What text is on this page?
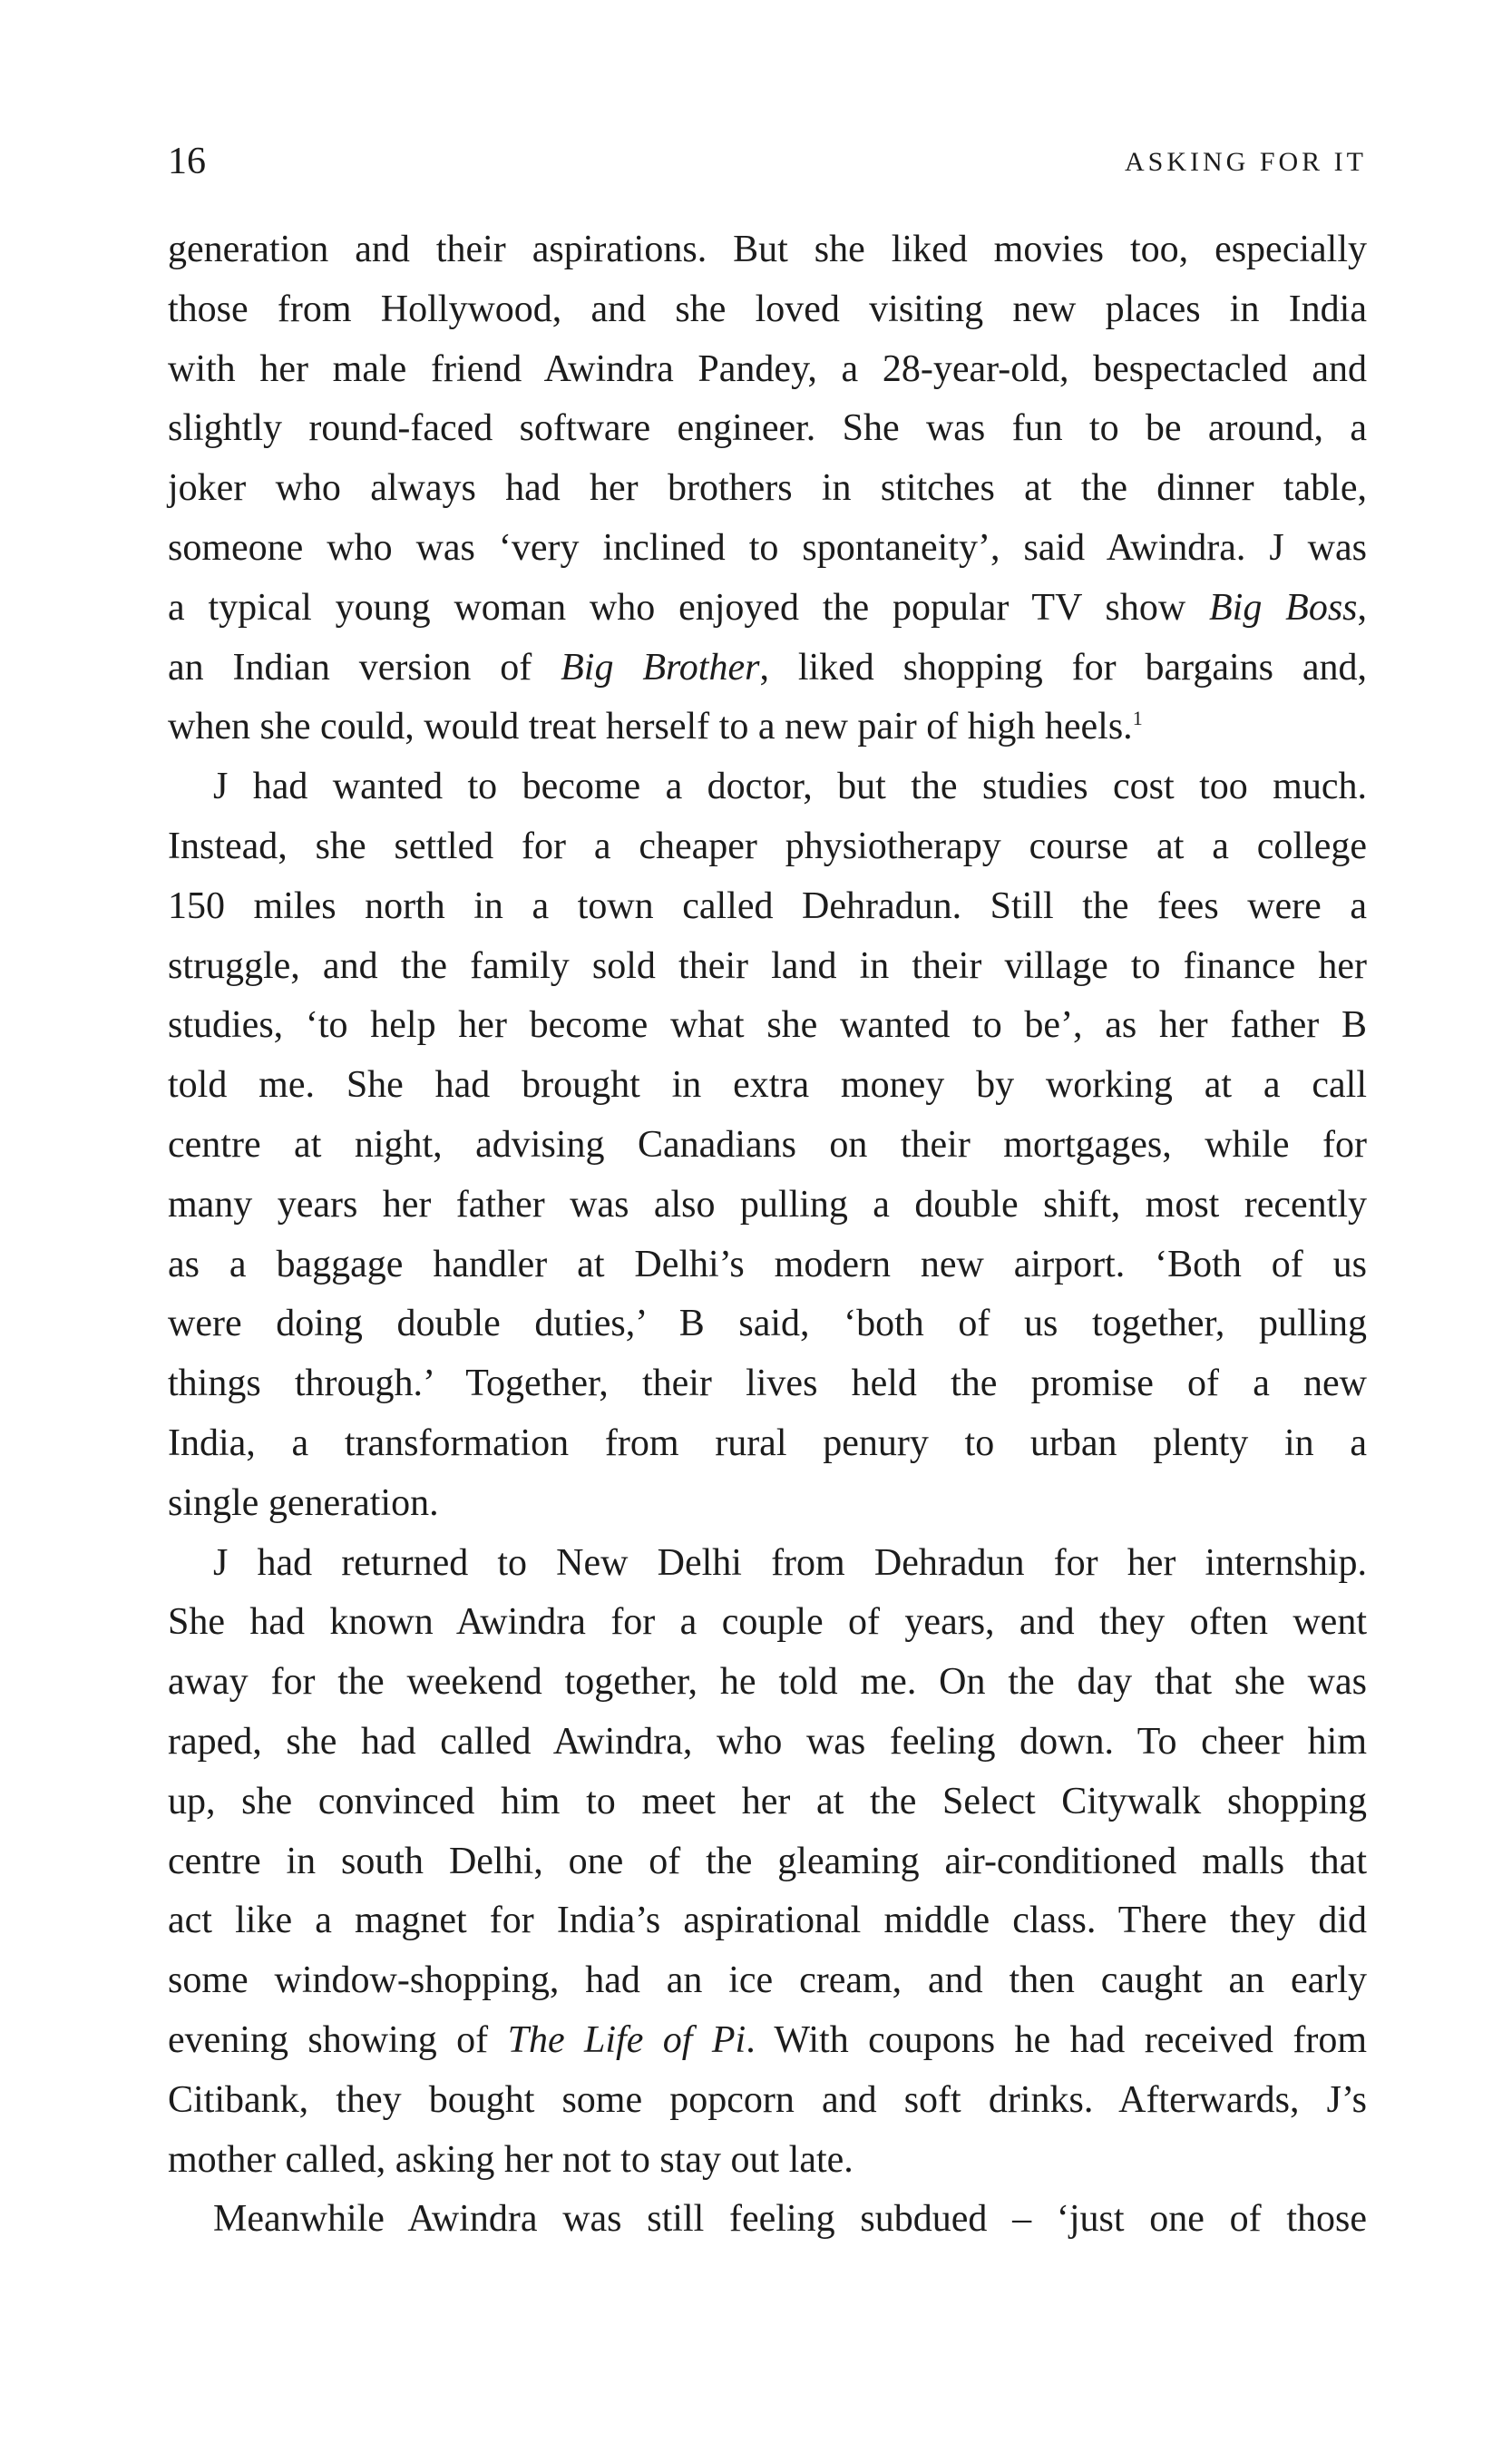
16	ASKING FOR IT
generation and their aspirations. But she liked movies too, especially
those from Hollywood, and she loved visiting new places in India
with her male friend Awindra Pandey, a 28-year-old, bespectacled and
slightly round-faced software engineer. She was fun to be around, a
joker who always had her brothers in stitches at the dinner table,
someone who was ‘very inclined to spontaneity’, said Awindra. J was
a typical young woman who enjoyed the popular TV show Big Boss,
an Indian version of Big Brother, liked shopping for bargains and,
when she could, would treat herself to a new pair of high heels.$^1$
J had wanted to become a doctor, but the studies cost too much.
Instead, she settled for a cheaper physiotherapy course at a college
150 miles north in a town called Dehradun. Still the fees were a
struggle, and the family sold their land in their village to finance her
studies, ‘to help her become what she wanted to be’, as her father B
told me. She had brought in extra money by working at a call
centre at night, advising Canadians on their mortgages, while for
many years her father was also pulling a double shift, most recently
as a baggage handler at Delhi’s modern new airport. ‘Both of us
were doing double duties,’ B said, ‘both of us together, pulling
things through.’ Together, their lives held the promise of a new
India, a transformation from rural penury to urban plenty in a
single generation.
J had returned to New Delhi from Dehradun for her internship.
She had known Awindra for a couple of years, and they often went
away for the weekend together, he told me. On the day that she was
raped, she had called Awindra, who was feeling down. To cheer him
up, she convinced him to meet her at the Select Citywalk shopping
centre in south Delhi, one of the gleaming air-conditioned malls that
act like a magnet for India’s aspirational middle class. There they did
some window-shopping, had an ice cream, and then caught an early
evening showing of The Life of Pi. With coupons he had received from
Citibank, they bought some popcorn and soft drinks. Afterwards, J’s
mother called, asking her not to stay out late.
Meanwhile Awindra was still feeling subdued – ‘just one of those
